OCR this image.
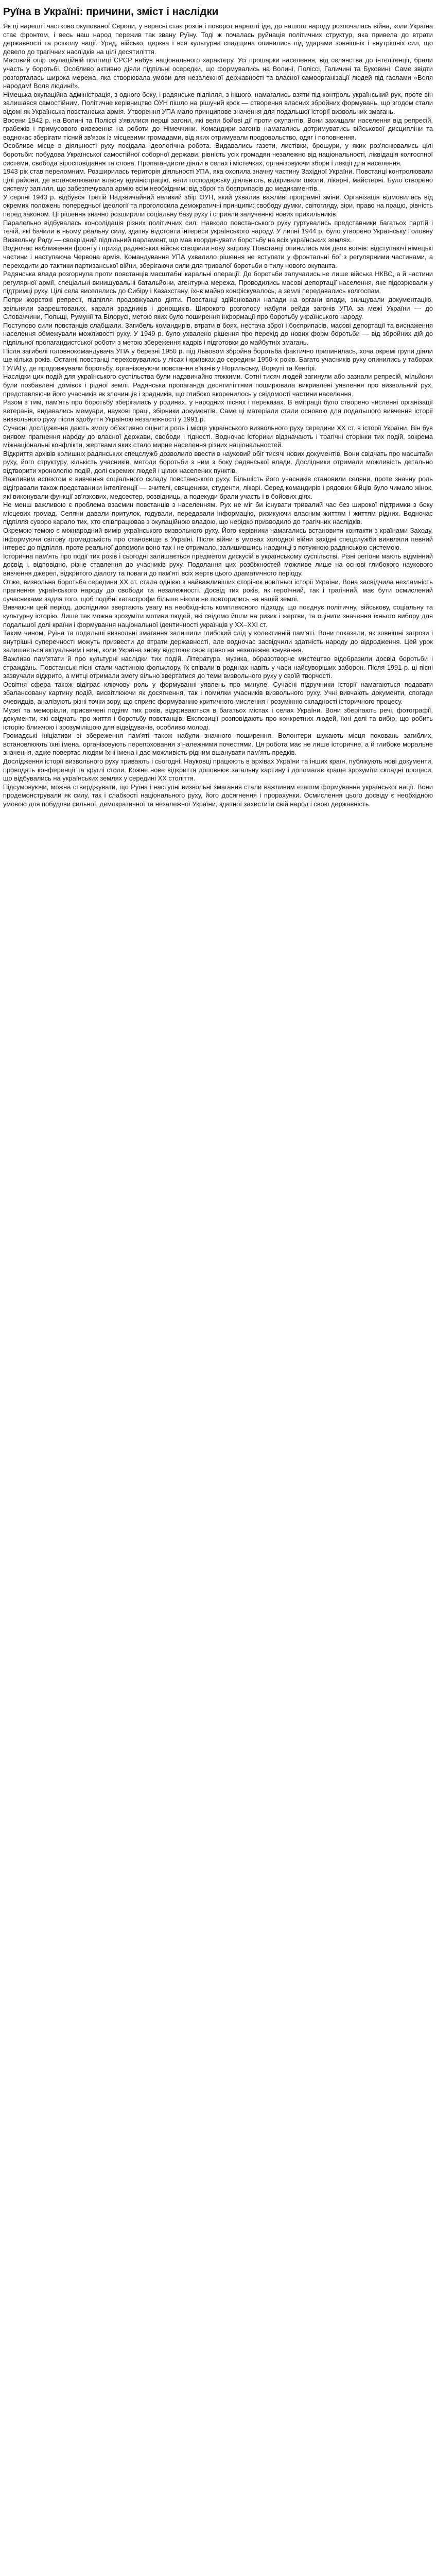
Руїна в Україні: причини, зміст і наслідки

Як ці нарешті частково окупованої Європи, у вересні стає розгін і поворот нарешті іде, до нашого народу розпочалась війна, коли Україна стає фронтом, і весь наш народ пережив так звану Руїну. Тоді ж почалась руйнація політичних структур, яка привела до втрати державності та розколу нації. Уряд, військо, церква і вся культурна спадщина опинились під ударами зовнішніх і внутрішніх сил, що довело до трагічних наслідків на цілі десятиліття.

Масовий опір окупаційній політиці СРСР набув національного характеру. Усі прошарки населення, від селянства до інтелігенції, брали участь у боротьбі. Особливо активно діяли підпільні осередки, що формувались на Волині, Поліссі, Галичині та Буковині. Саме звідти розгорталась широка мережа, яка створювала умови для незалежної державності та власної самоорганізації людей під гаслами «Воля народам! Воля людині!».

Німецька окупаційна адміністрація, з одного боку, і радянське підпілля, з іншого, намагались взяти під контроль український рух, проте він залишався самостійним. Політичне керівництво ОУН пішло на рішучий крок — створення власних збройних формувань, що згодом стали відомі як Українська повстанська армія. Утворення УПА мало принципове значення для подальшої історії визвольних змагань.

Восени 1942 р. на Волині та Поліссі з'явилися перші загони, які вели бойові дії проти окупантів. Вони захищали населення від репресій, грабежів і примусового вивезення на роботи до Німеччини. Командири загонів намагались дотримуватись військової дисципліни та водночас зберігати тісний зв'язок із місцевими громадами, від яких отримували продовольство, одяг і поповнення.

Особливе місце в діяльності руху посідала ідеологічна робота. Видавались газети, листівки, брошури, у яких роз'яснювались цілі боротьби: побудова Української самостійної соборної держави, рівність усіх громадян незалежно від національності, ліквідація колгоспної системи, свобода віросповідання та слова. Пропагандисти діяли в селах і містечках, організовуючи збори і лекції для населення.

1943 рік став переломним. Розширилась територія діяльності УПА, яка охопила значну частину Західної України. Повстанці контролювали цілі райони, де встановлювали власну адміністрацію, вели господарську діяльність, відкривали школи, лікарні, майстерні. Було створено систему запілля, що забезпечувала армію всім необхідним: від зброї та боєприпасів до медикаментів.

У серпні 1943 р. відбувся Третій Надзвичайний великий збір ОУН, який ухвалив важливі програмні зміни. Організація відмовилась від окремих положень попередньої ідеології та проголосила демократичні принципи: свободу думки, світогляду, віри, право на працю, рівність перед законом. Ці рішення значно розширили соціальну базу руху і сприяли залученню нових прихильників.

Паралельно відбувалась консолідація різних політичних сил. Навколо повстанського руху гуртувались представники багатьох партій і течій, які бачили в ньому реальну силу, здатну відстояти інтереси українського народу. У липні 1944 р. було утворено Українську Головну Визвольну Раду — своєрідний підпільний парламент, що мав координувати боротьбу на всіх українських землях.

Водночас наближення фронту і прихід радянських військ створили нову загрозу. Повстанці опинились між двох вогнів: відступаючі німецькі частини і наступаюча Червона армія. Командування УПА ухвалило рішення не вступати у фронтальні бої з регулярними частинами, а переходити до тактики партизанської війни, зберігаючи сили для тривалої боротьби в тилу нового окупанта.

Радянська влада розгорнула проти повстанців масштабні каральні операції. До боротьби залучались не лише війська НКВС, а й частини регулярної армії, спеціальні винищувальні батальйони, агентурна мережа. Проводились масові депортації населення, яке підозрювали у підтримці руху. Цілі села виселялись до Сибіру і Казахстану, їхнє майно конфіскувалось, а землі передавались колгоспам.

Попри жорстокі репресії, підпілля продовжувало діяти. Повстанці здійснювали напади на органи влади, знищували документацію, звільняли заарештованих, карали зрадників і донощиків. Широкого розголосу набули рейди загонів УПА за межі України — до Словаччини, Польщі, Румунії та Білорусі, метою яких було поширення інформації про боротьбу українського народу.

Поступово сили повстанців слабшали. Загибель командирів, втрати в боях, нестача зброї і боєприпасів, масові депортації та виснаження населення обмежували можливості руху. У 1949 р. було ухвалено рішення про перехід до нових форм боротьби — від збройних дій до підпільної пропагандистської роботи з метою збереження кадрів і підготовки до майбутніх змагань.

Після загибелі головнокомандувача УПА у березні 1950 р. під Львовом збройна боротьба фактично припинилась, хоча окремі групи діяли ще кілька років. Останні повстанці переховувались у лісах і криївках до середини 1950-х років. Багато учасників руху опинились у таборах ГУЛАГу, де продовжували боротьбу, організовуючи повстання в'язнів у Норильську, Воркуті та Кенгірі.

Наслідки цих подій для українського суспільства були надзвичайно тяжкими. Сотні тисяч людей загинули або зазнали репресій, мільйони були позбавлені домівок і рідної землі. Радянська пропаганда десятиліттями поширювала викривлені уявлення про визвольний рух, представляючи його учасників як злочинців і зрадників, що глибоко вкоренилось у свідомості частини населення.

Разом з тим, пам'ять про боротьбу зберігалась у родинах, у народних піснях і переказах. В еміграції було створено численні організації ветеранів, видавались мемуари, наукові праці, збірники документів. Саме ці матеріали стали основою для подальшого вивчення історії визвольного руху після здобуття Україною незалежності у 1991 р.

Сучасні дослідження дають змогу об'єктивно оцінити роль і місце українського визвольного руху середини XX ст. в історії України. Він був виявом прагнення народу до власної держави, свободи і гідності. Водночас історики відзначають і трагічні сторінки тих подій, зокрема міжнаціональні конфлікти, жертвами яких стало мирне населення різних національностей.

Відкриття архівів колишніх радянських спецслужб дозволило ввести в науковий обіг тисячі нових документів. Вони свідчать про масштаби руху, його структуру, кількість учасників, методи боротьби з ним з боку радянської влади. Дослідники отримали можливість детально відтворити хронологію подій, долі окремих людей і цілих населених пунктів.

Важливим аспектом є вивчення соціального складу повстанського руху. Більшість його учасників становили селяни, проте значну роль відігравали також представники інтелігенції — вчителі, священики, студенти, лікарі. Серед командирів і рядових бійців було чимало жінок, які виконували функції зв'язкових, медсестер, розвідниць, а подекуди брали участь і в бойових діях.

Не менш важливою є проблема взаємин повстанців з населенням. Рух не міг би існувати тривалий час без широкої підтримки з боку місцевих громад. Селяни давали притулок, годували, передавали інформацію, ризикуючи власним життям і життям рідних. Водночас підпілля суворо карало тих, хто співпрацював з окупаційною владою, що нерідко призводило до трагічних наслідків.

Окремою темою є міжнародний вимір українського визвольного руху. Його керівники намагались встановити контакти з країнами Заходу, інформуючи світову громадськість про становище в Україні. Після війни в умовах холодної війни західні спецслужби виявляли певний інтерес до підпілля, проте реальної допомоги воно так і не отримало, залишившись наодинці з потужною радянською системою.

Історична пам'ять про події тих років і сьогодні залишається предметом дискусій в українському суспільстві. Різні регіони мають відмінний досвід і, відповідно, різне ставлення до учасників руху. Подолання цих розбіжностей можливе лише на основі глибокого наукового вивчення джерел, відкритого діалогу та поваги до пам'яті всіх жертв цього драматичного періоду.

Отже, визвольна боротьба середини XX ст. стала однією з найважливіших сторінок новітньої історії України. Вона засвідчила незламність прагнення українського народу до свободи та незалежності. Досвід тих років, як героїчний, так і трагічний, має бути осмислений сучасниками задля того, щоб подібні катастрофи більше ніколи не повторились на нашій землі.

Вивчаючи цей період, дослідники звертають увагу на необхідність комплексного підходу, що поєднує політичну, військову, соціальну та культурну історію. Лише так можна зрозуміти мотиви людей, які свідомо йшли на ризик і жертви, та оцінити значення їхнього вибору для подальшої долі країни і формування національної ідентичності українців у XX–XXI ст.

Таким чином, Руїна та подальші визвольні змагання залишили глибокий слід у колективній пам'яті. Вони показали, як зовнішні загрози і внутрішні суперечності можуть призвести до втрати державності, але водночас засвідчили здатність народу до відродження. Цей урок залишається актуальним і нині, коли Україна знову відстоює своє право на незалежне існування.

Важливо пам'ятати й про культурні наслідки тих подій. Література, музика, образотворче мистецтво відобразили досвід боротьби і страждань. Повстанські пісні стали частиною фольклору, їх співали в родинах навіть у часи найсуворіших заборон. Після 1991 р. ці пісні зазвучали відкрито, а митці отримали змогу вільно звертатися до теми визвольного руху у своїй творчості.

Освітня сфера також відіграє ключову роль у формуванні уявлень про минуле. Сучасні підручники історії намагаються подавати збалансовану картину подій, висвітлюючи як досягнення, так і помилки учасників визвольного руху. Учні вивчають документи, спогади очевидців, аналізують різні точки зору, що сприяє формуванню критичного мислення і розумінню складності історичного процесу.

Музеї та меморіали, присвячені подіям тих років, відкриваються в багатьох містах і селах України. Вони зберігають речі, фотографії, документи, які свідчать про життя і боротьбу повстанців. Експозиції розповідають про конкретних людей, їхні долі та вибір, що робить історію ближчою і зрозумілішою для відвідувачів, особливо молоді.

Громадські ініціативи зі збереження пам'яті також набули значного поширення. Волонтери шукають місця поховань загиблих, встановлюють їхні імена, організовують перепоховання з належними почестями. Ця робота має не лише історичне, а й глибоке моральне значення, адже повертає людям їхні імена і дає можливість рідним вшанувати пам'ять предків.

Дослідження історії визвольного руху тривають і сьогодні. Науковці працюють в архівах України та інших країн, публікують нові документи, проводять конференції та круглі столи. Кожне нове відкриття доповнює загальну картину і допомагає краще зрозуміти складні процеси, що відбувались на українських землях у середині XX століття.

Підсумовуючи, можна стверджувати, що Руїна і наступні визвольні змагання стали важливим етапом формування української нації. Вони продемонстрували як силу, так і слабкості національного руху, його досягнення і прорахунки. Осмислення цього досвіду є необхідною умовою для побудови сильної, демократичної та незалежної України, здатної захистити свій народ і свою державність.
